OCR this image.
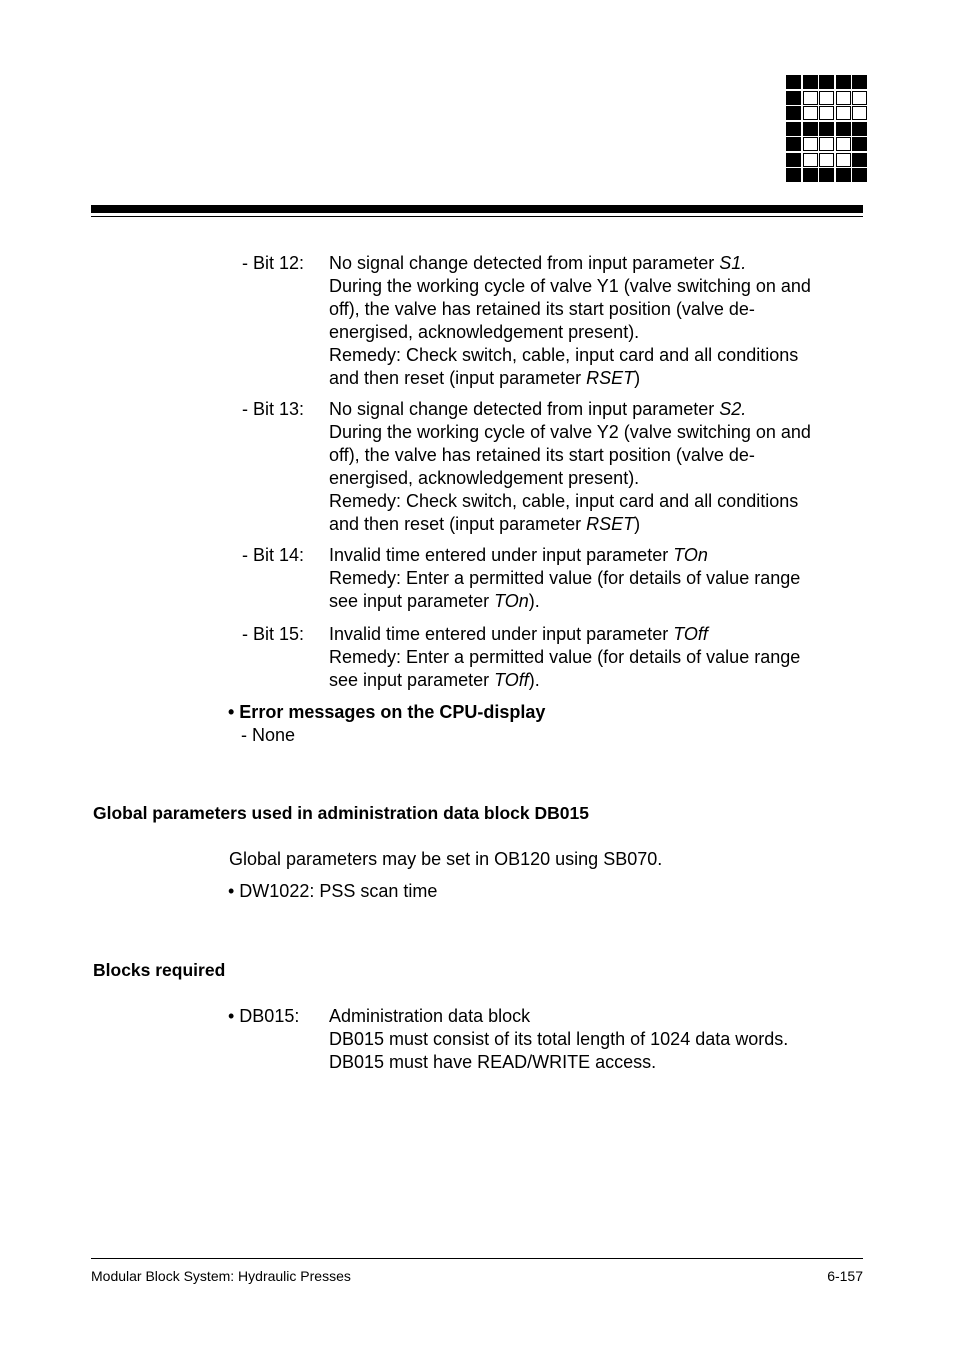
- Bit 12: No signal change detected from input parameter S1.
During the working cycle of valve Y1 (valve switching on and
off), the valve has retained its start position (valve de-
energised, acknowledgement present).
Remedy: Check switch, cable, input card and all conditions
and then reset (input parameter RSET)
- Bit 13: No signal change detected from input parameter S2.
During the working cycle of valve Y2 (valve switching on and
off), the valve has retained its start position (valve de-
energised, acknowledgement present).
Remedy: Check switch, cable, input card and all conditions
and then reset (input parameter RSET)
- Bit 14: Invalid time entered under input parameter TOn
Remedy: Enter a permitted value (for details of value range
see input parameter TOn).
- Bit 15: Invalid time entered under input parameter TOff
Remedy: Enter a permitted value (for details of value range
see input parameter TOff).
• Error messages on the CPU-display
- None
Global parameters used in administration data block DB015
Global parameters may be set in OB120 using SB070.
• DW1022: PSS scan time
Blocks required
• DB015: Administration data block
DB015 must consist of its total length of 1024 data words.
DB015 must have READ/WRITE access.
Modular Block System: Hydraulic Presses	6-157
